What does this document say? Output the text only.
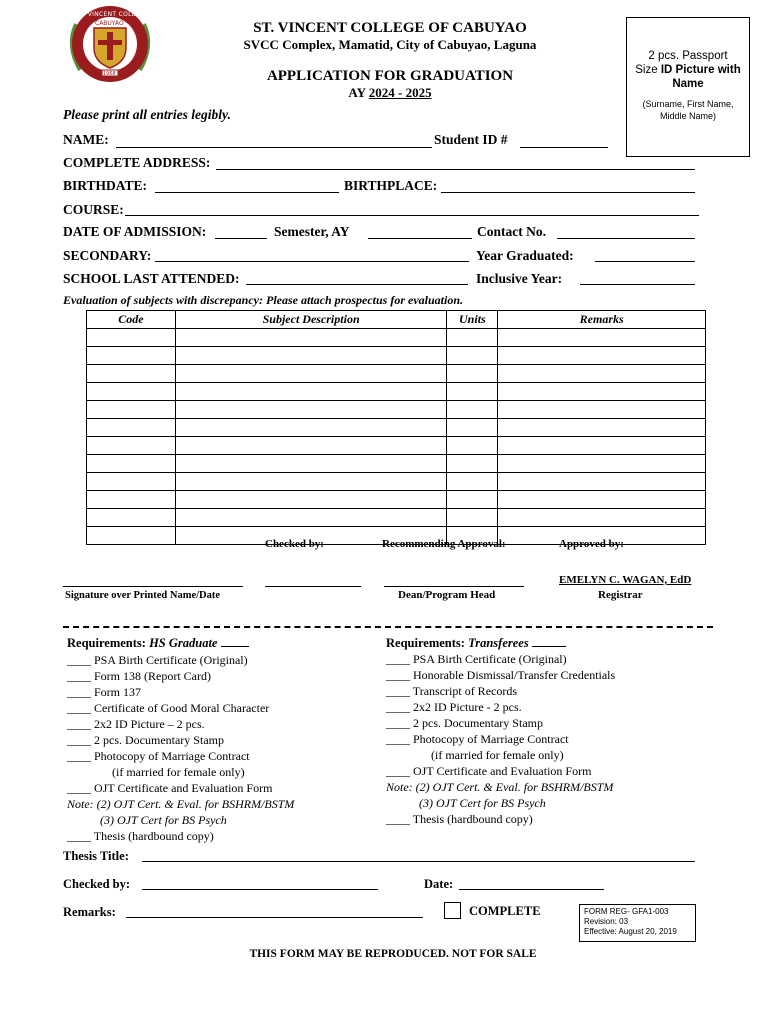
ST. VINCENT COLLEGE
CABUYAO
1968
ST. VINCENT COLLEGE OF CABUYAO
SVCC Complex, Mamatid, City of Cabuyao, Laguna
APPLICATION FOR GRADUATION
AY 2024 - 2025
Please print all entries legibly.
2 pcs. Passport
Size ID Picture with
Name
(Surname, First Name,
Middle Name)
NAME:	Student ID #
COMPLETE ADDRESS:
BIRTHDATE:	BIRTHPLACE:
COURSE:
DATE OF ADMISSION:	Semester, AY	Contact No.
SECONDARY:	Year Graduated:
SCHOOL LAST ATTENDED:	Inclusive Year:
Evaluation of subjects with discrepancy: Please attach prospectus for evaluation.
Code	Subject Description	Units	Remarks

Checked by:	Recommending Approval:	Approved by:
EMELYN C. WAGAN, EdD
Signature over Printed Name/Date	Dean/Program Head	Registrar
Requirements: HS Graduate
____ PSA Birth Certificate (Original)
____ Form 138 (Report Card)
____ Form 137
____ Certificate of Good Moral Character
____ 2x2 ID Picture – 2 pcs.
____ 2 pcs. Documentary Stamp
____ Photocopy of Marriage Contract
(if married for female only)
____ OJT Certificate and Evaluation Form
Note: (2) OJT Cert. & Eval. for BSHRM/BSTM
(3) OJT Cert for BS Psych
____ Thesis (hardbound copy)
Requirements: Transferees
____ PSA Birth Certificate (Original)
____ Honorable Dismissal/Transfer Credentials
____ Transcript of Records
____ 2x2 ID Picture - 2 pcs.
____ 2 pcs. Documentary Stamp
____ Photocopy of Marriage Contract
(if married for female only)
____ OJT Certificate and Evaluation Form
Note: (2) OJT Cert. & Eval. for BSHRM/BSTM
(3) OJT Cert for BS Psych
____ Thesis (hardbound copy)
Thesis Title:
Checked by:	Date:
Remarks:	COMPLETE	FORM REG- GFA1-003
Revision: 03
Effective: August 20, 2019
THIS FORM MAY BE REPRODUCED. NOT FOR SALE
